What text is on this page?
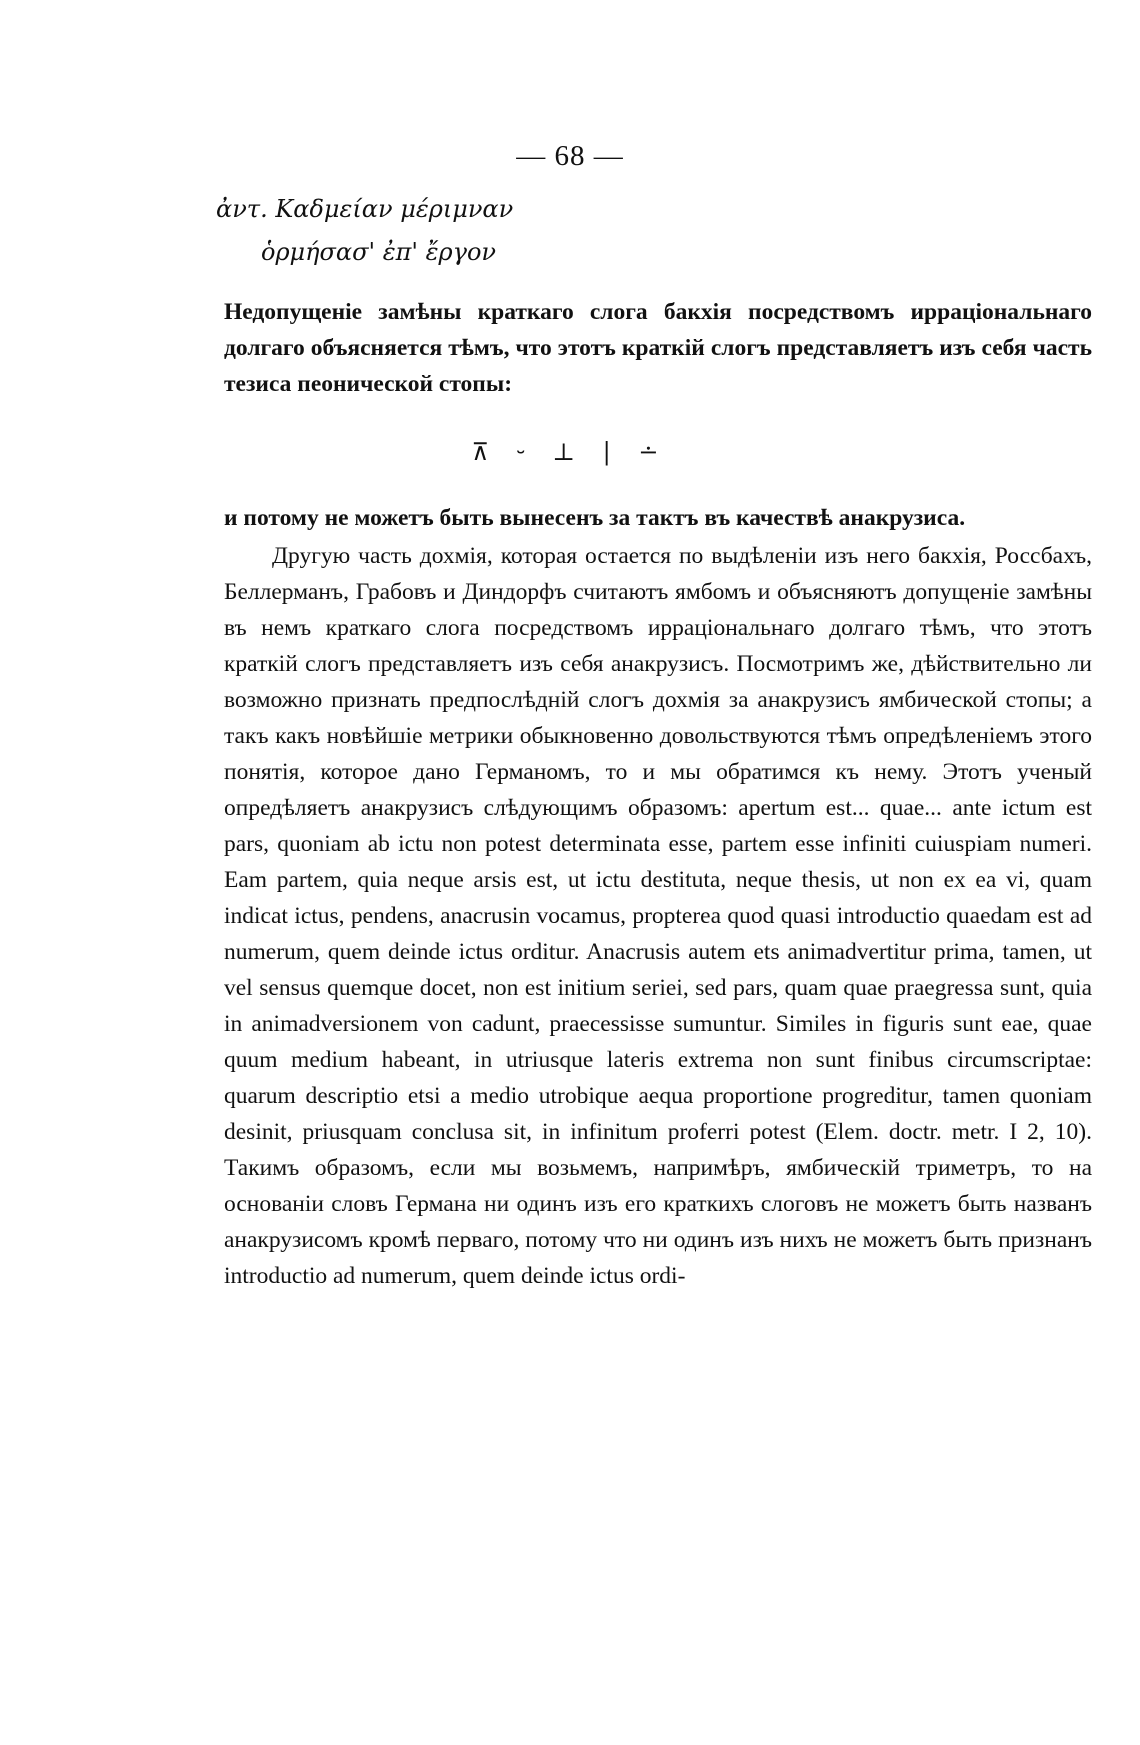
— 68 —
ἀντ. Καδμείαν μέριμναν
ὁρμήσασ' ἐπ' ἔργον

Недопущеніе замѣны краткаго слога бакхія посредствомъ ирраціональнаго долгаго объясняется тѣмъ, что этотъ краткій слогъ представляетъ изъ себя часть тезиса пеонической стопы:

⊼ ⏑ ⊥ | ∸

и потому не можетъ быть вынесенъ за тактъ въ качествѣ анакрузиса.

Другую часть дохмія, которая остается по выдѣленіи изъ него бакхія, Россбахъ, Беллерманъ, Грабовъ и Диндорфъ считаютъ ямбомъ и объясняютъ допущеніе замѣны въ немъ краткаго слога посредствомъ ирраціональнаго долгаго тѣмъ, что этотъ краткій слогъ представляетъ изъ себя анакрузисъ. Посмотримъ же, дѣйствительно ли возможно признать предпослѣдній слогъ дохмія за анакрузисъ ямбической стопы; а такъ какъ новѣйшіе метрики обыкновенно довольствуются тѣмъ опредѣленіемъ этого понятія, которое дано Германомъ, то и мы обратимся къ нему. Этотъ ученый опредѣляетъ анакрузисъ слѣдующимъ образомъ: apertum est... quae... ante ictum est pars, quoniam ab ictu non potest determinata esse, partem esse infiniti cuiuspiam numeri. Eam partem, quia neque arsis est, ut ictu destituta, neque thesis, ut non ex ea vi, quam indicat ictus, pendens, anacrusin vocamus, propterea quod quasi introductio quaedam est ad numerum, quem deinde ictus orditur. Anacrusis autem ets animadvertitur prima, tamen, ut vel sensus quemque docet, non est initium seriei, sed pars, quam quae praegressa sunt, quia in animadversionem von cadunt, praecessisse sumuntur. Similes in figuris sunt eae, quae quum medium habeant, in utriusque lateris extrema non sunt finibus circumscriptae: quarum descriptio etsi a medio utrobique aequa proportione progreditur, tamen quoniam desinit, priusquam conclusa sit, in infinitum proferri potest (Elem. doctr. metr. I 2, 10). Такимъ образомъ, если мы возьмемъ, напримѣръ, ямбическій триметръ, то на основаніи словъ Германа ни одинъ изъ его краткихъ слоговъ не можетъ быть названъ анакрузисомъ кромѣ перваго, потому что ни одинъ изъ нихъ не можетъ быть признанъ introductio ad numerum, quem deinde ictus ordi-
